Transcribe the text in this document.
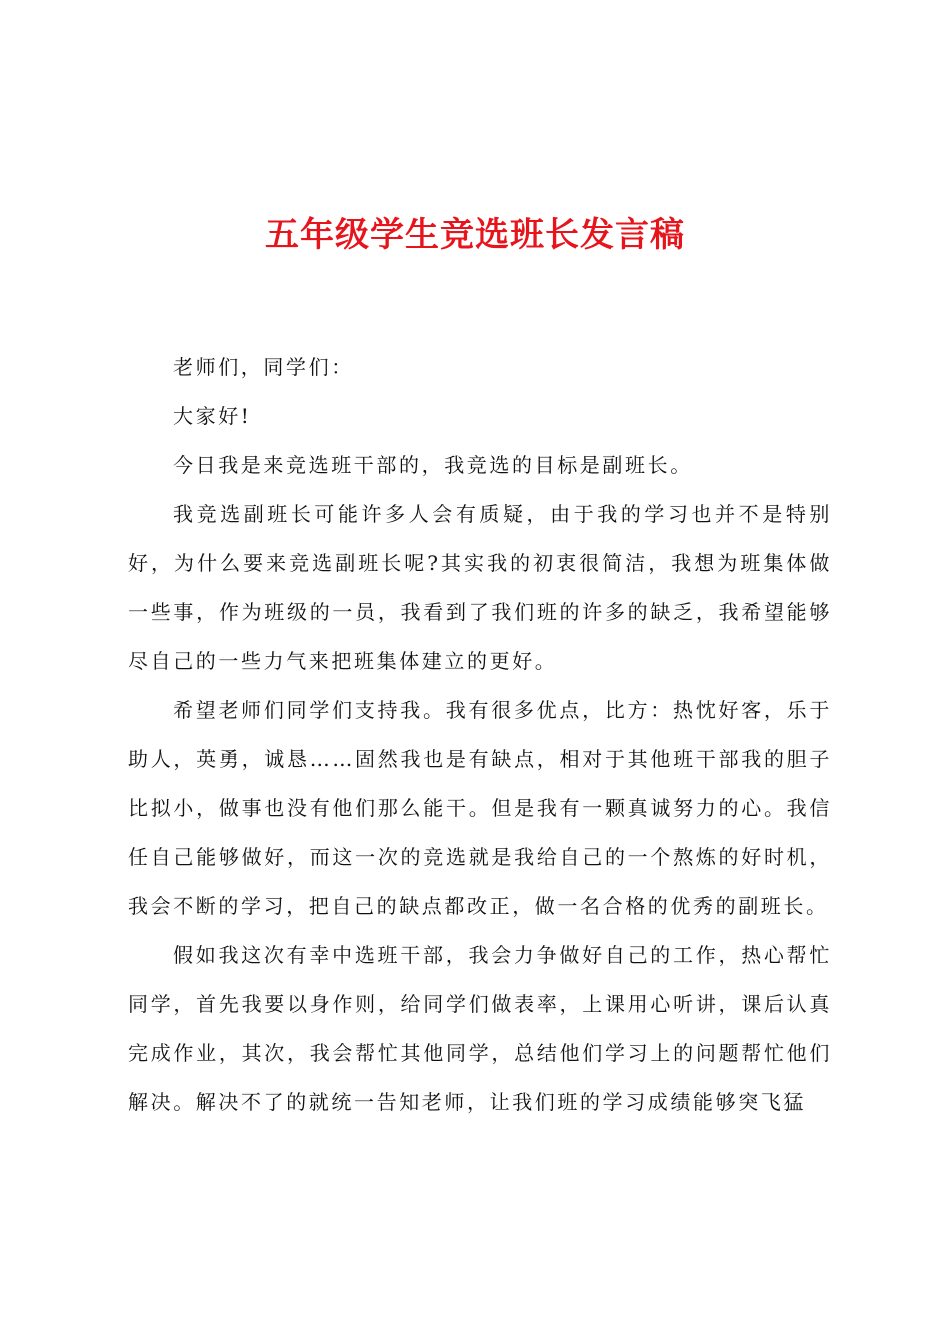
五年级学生竞选班长发言稿

老师们，同学们：

大家好!

今日我是来竞选班干部的，我竞选的目标是副班长。

我竞选副班长可能许多人会有质疑，由于我的学习也并不是特别好，为什么要来竞选副班长呢?其实我的初衷很简洁，我想为班集体做一些事，作为班级的一员，我看到了我们班的许多的缺乏，我希望能够尽自己的一些力气来把班集体建立的更好。

希望老师们同学们支持我。我有很多优点，比方：热忱好客，乐于助人，英勇，诚恳……固然我也是有缺点，相对于其他班干部我的胆子比拟小，做事也没有他们那么能干。但是我有一颗真诚努力的心。我信任自己能够做好，而这一次的竞选就是我给自己的一个熬炼的好时机，我会不断的学习，把自己的缺点都改正，做一名合格的优秀的副班长。

假如我这次有幸中选班干部，我会力争做好自己的工作，热心帮忙同学，首先我要以身作则，给同学们做表率，上课用心听讲，课后认真完成作业，其次，我会帮忙其他同学，总结他们学习上的问题帮忙他们解决。解决不了的就统一告知老师，让我们班的学习成绩能够突飞猛
